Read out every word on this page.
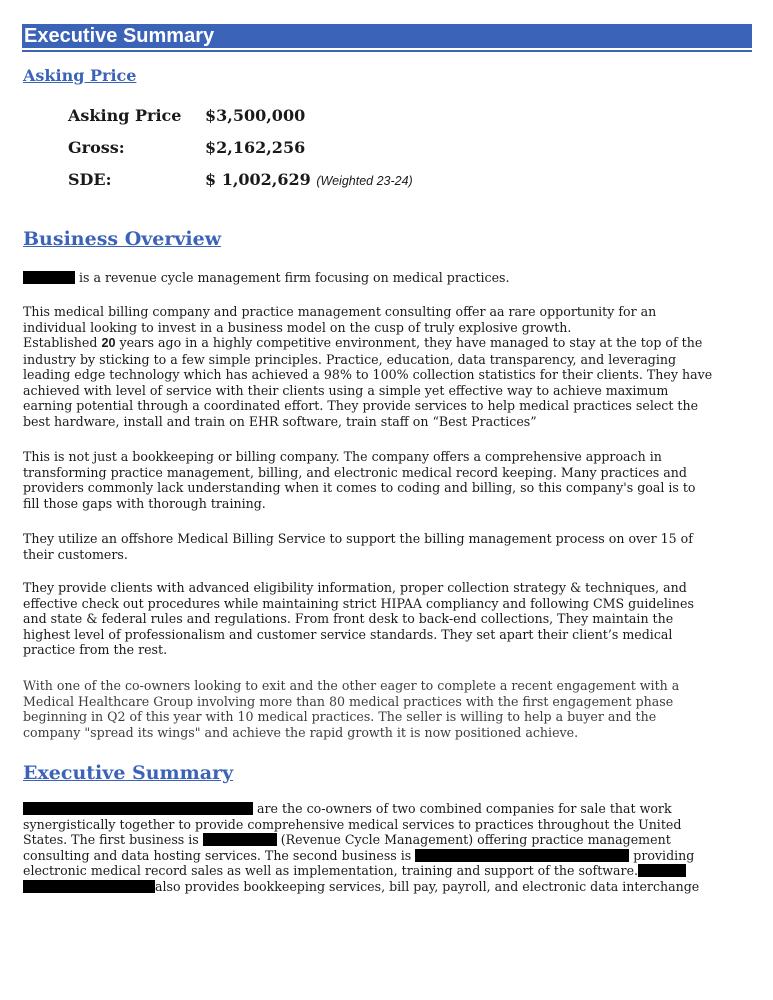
Executive Summary
Asking Price
Asking Price $3,500,000
Gross:	$2,162,256
SDE:	$ 1,002,629 (Weighted 23-24)
Business Overview
is a revenue cycle management firm focusing on medical practices.
This medical billing company and practice management consulting offer aa rare opportunity for an
individual looking to invest in a business model on the cusp of truly explosive growth.
Established 20 years ago in a highly competitive environment, they have managed to stay at the top of the
industry by sticking to a few simple principles. Practice, education, data transparency, and leveraging
leading edge technology which has achieved a 98% to 100% collection statistics for their clients. They have
achieved with level of service with their clients using a simple yet effective way to achieve maximum
earning potential through a coordinated effort. They provide services to help medical practices select the
best hardware, install and train on EHR software, train staff on “Best Practices”
This is not just a bookkeeping or billing company. The company offers a comprehensive approach in
transforming practice management, billing, and electronic medical record keeping. Many practices and
providers commonly lack understanding when it comes to coding and billing, so this company's goal is to
fill those gaps with thorough training.
They utilize an offshore Medical Billing Service to support the billing management process on over 15 of
their customers.
They provide clients with advanced eligibility information, proper collection strategy & techniques, and
effective check out procedures while maintaining strict HIPAA compliancy and following CMS guidelines
and state & federal rules and regulations. From front desk to back-end collections, They maintain the
highest level of professionalism and customer service standards. They set apart their client’s medical
practice from the rest.
With one of the co-owners looking to exit and the other eager to complete a recent engagement with a
Medical Healthcare Group involving more than 80 medical practices with the first engagement phase
beginning in Q2 of this year with 10 medical practices. The seller is willing to help a buyer and the
company "spread its wings" and achieve the rapid growth it is now positioned achieve.
Executive Summary
are the co-owners of two combined companies for sale that work
synergistically together to provide comprehensive medical services to practices throughout the United
States. The first business is	(Revenue Cycle Management) offering practice management
consulting and data hosting services. The second business is	providing
electronic medical record sales as well as implementation, training and support of the software.
also provides bookkeeping services, bill pay, payroll, and electronic data interchange
